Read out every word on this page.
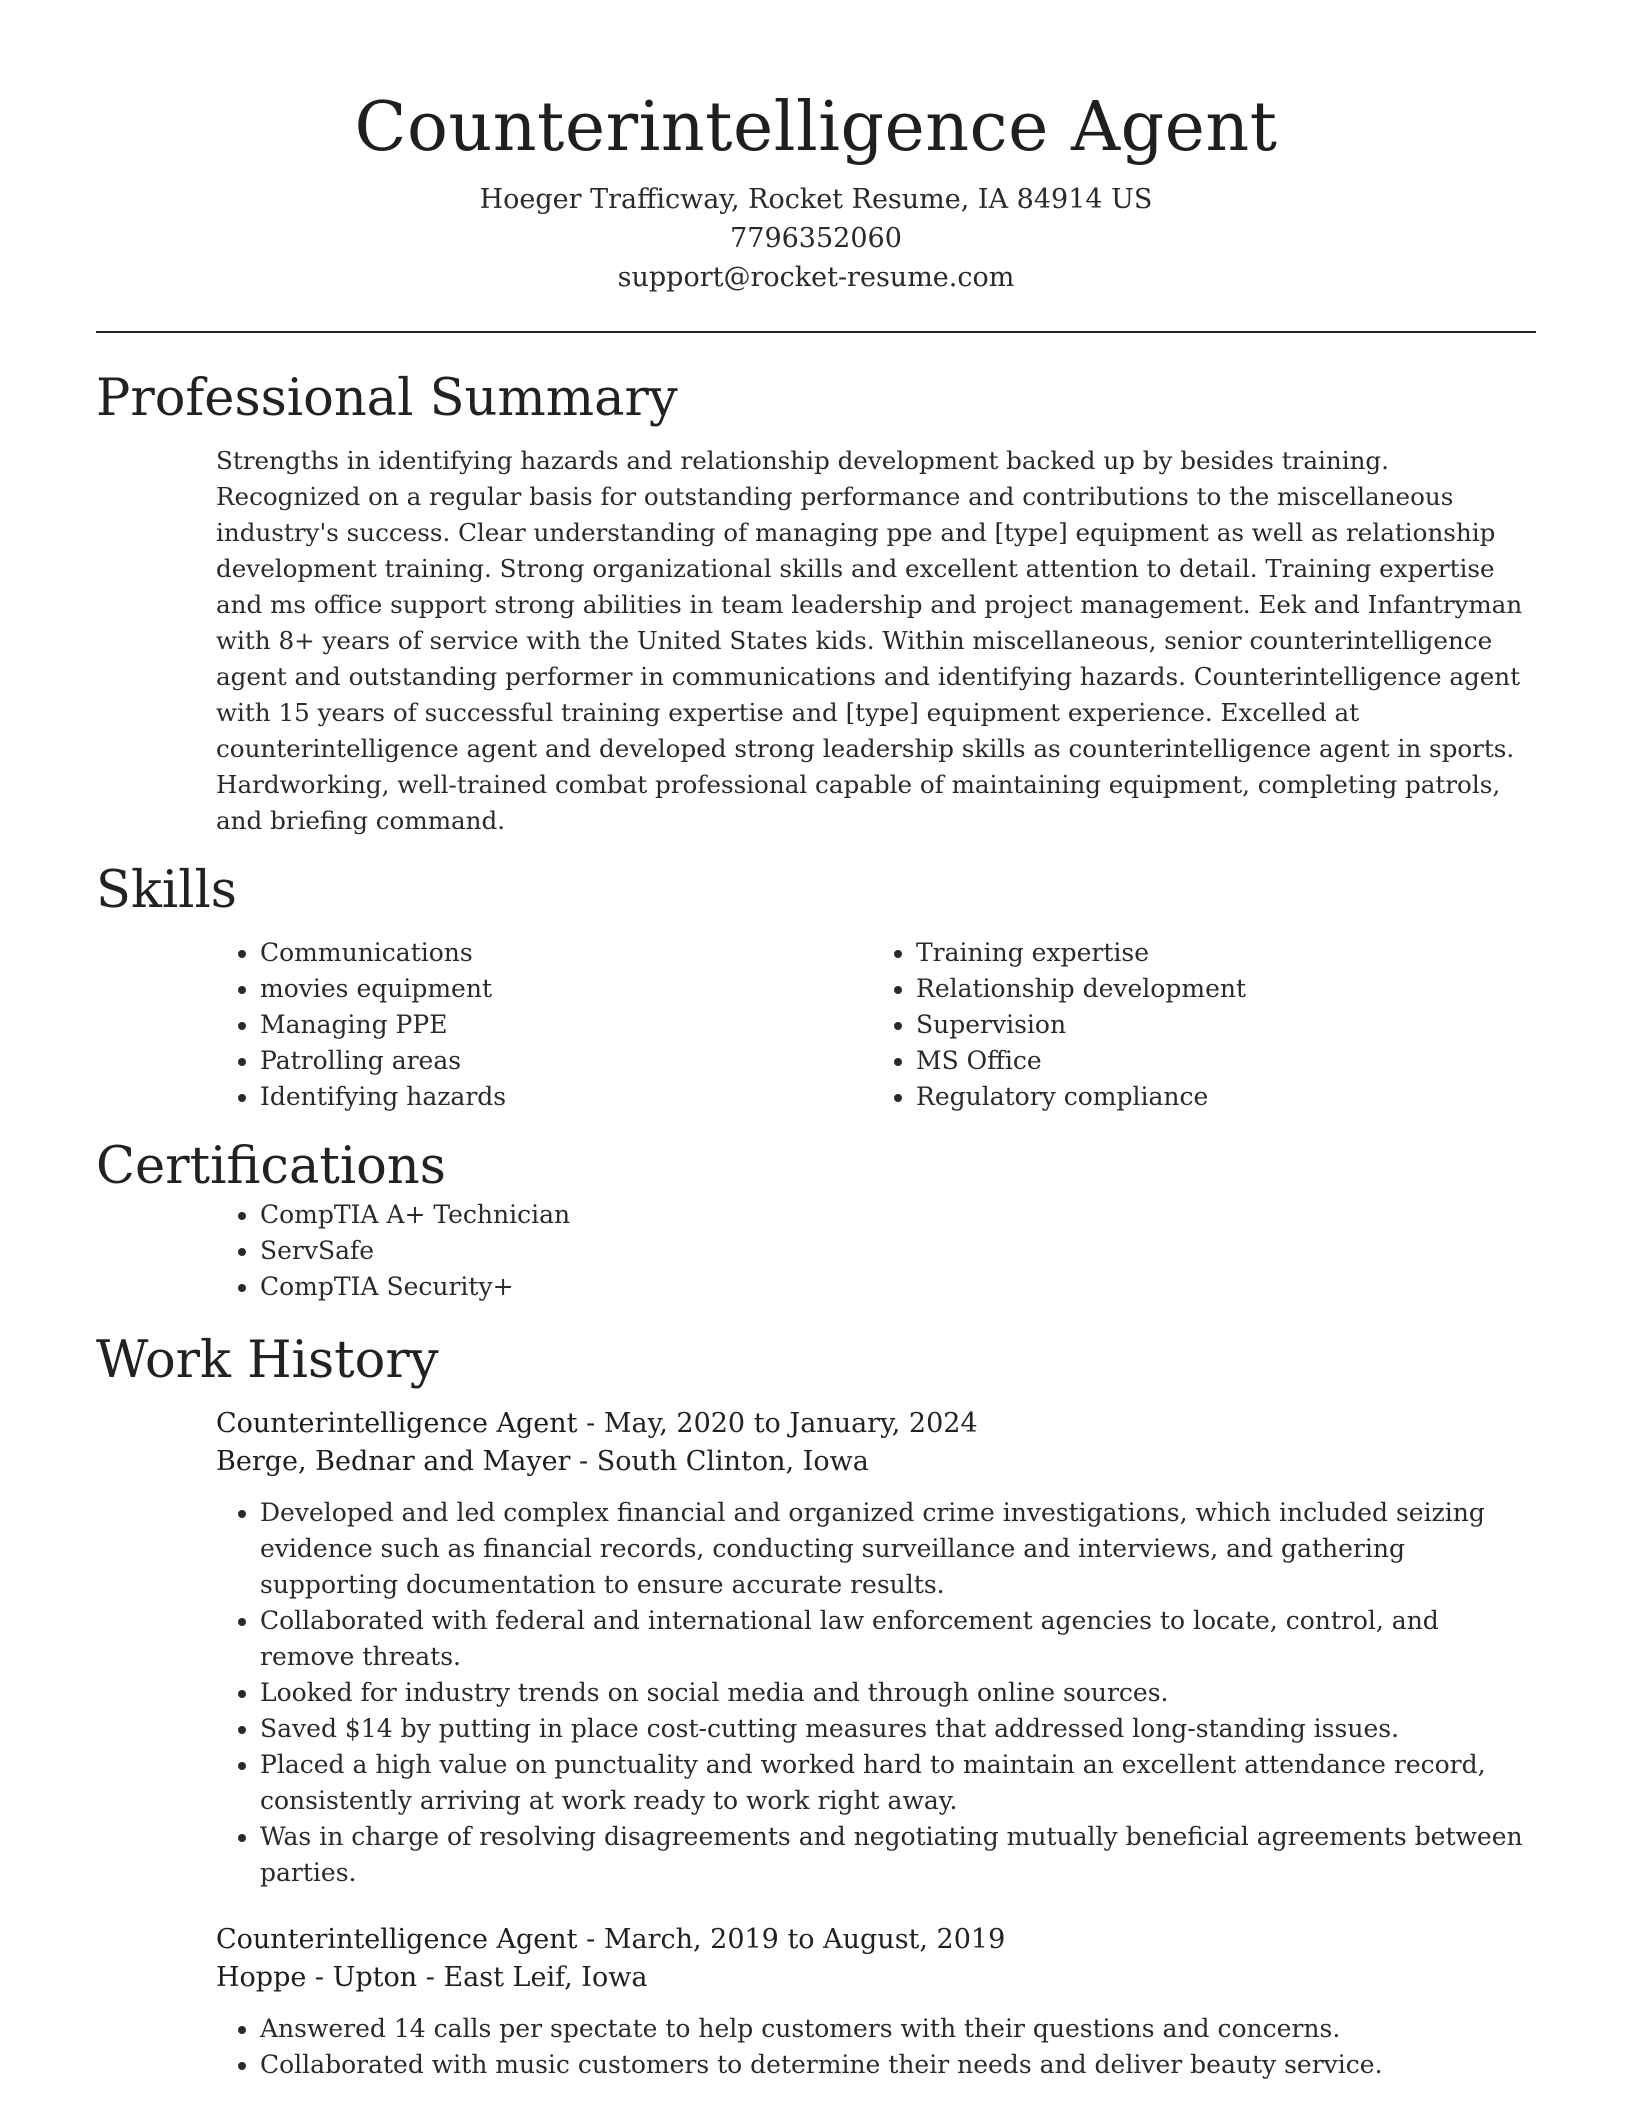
Counterintelligence Agent

Hoeger Trafficway, Rocket Resume, IA 84914 US

7796352060

support@rocket-resume.com

Professional Summary

Strengths in identifying hazards and relationship development backed up by besides training. Recognized on a regular basis for outstanding performance and contributions to the miscellaneous industry's success. Clear understanding of managing ppe and [type] equipment as well as relationship development training. Strong organizational skills and excellent attention to detail. Training expertise and ms office support strong abilities in team leadership and project management. Eek and Infantryman with 8+ years of service with the United States kids. Within miscellaneous, senior counterintelligence agent and outstanding performer in communications and identifying hazards. Counterintelligence agent with 15 years of successful training expertise and [type] equipment experience. Excelled at counterintelligence agent and developed strong leadership skills as counterintelligence agent in sports. Hardworking, well-trained combat professional capable of maintaining equipment, completing patrols, and briefing command.

Skills
• Communications
• movies equipment
• Managing PPE
• Patrolling areas
• Identifying hazards
• Training expertise
• Relationship development
• Supervision
• MS Office
• Regulatory compliance
Certifications
• CompTIA A+ Technician
• ServSafe
• CompTIA Security+
Work History

Counterintelligence Agent - May, 2020 to January, 2024

Berge, Bednar and Mayer - South Clinton, Iowa

• Developed and led complex financial and organized crime investigations, which included seizing evidence such as financial records, conducting surveillance and interviews, and gathering supporting documentation to ensure accurate results.
• Collaborated with federal and international law enforcement agencies to locate, control, and remove threats.
• Looked for industry trends on social media and through online sources.
• Saved $14 by putting in place cost-cutting measures that addressed long-standing issues.
• Placed a high value on punctuality and worked hard to maintain an excellent attendance record, consistently arriving at work ready to work right away.
• Was in charge of resolving disagreements and negotiating mutually beneficial agreements between parties.

Counterintelligence Agent - March, 2019 to August, 2019

Hoppe - Upton - East Leif, Iowa

• Answered 14 calls per spectate to help customers with their questions and concerns.
• Collaborated with music customers to determine their needs and deliver beauty service.
